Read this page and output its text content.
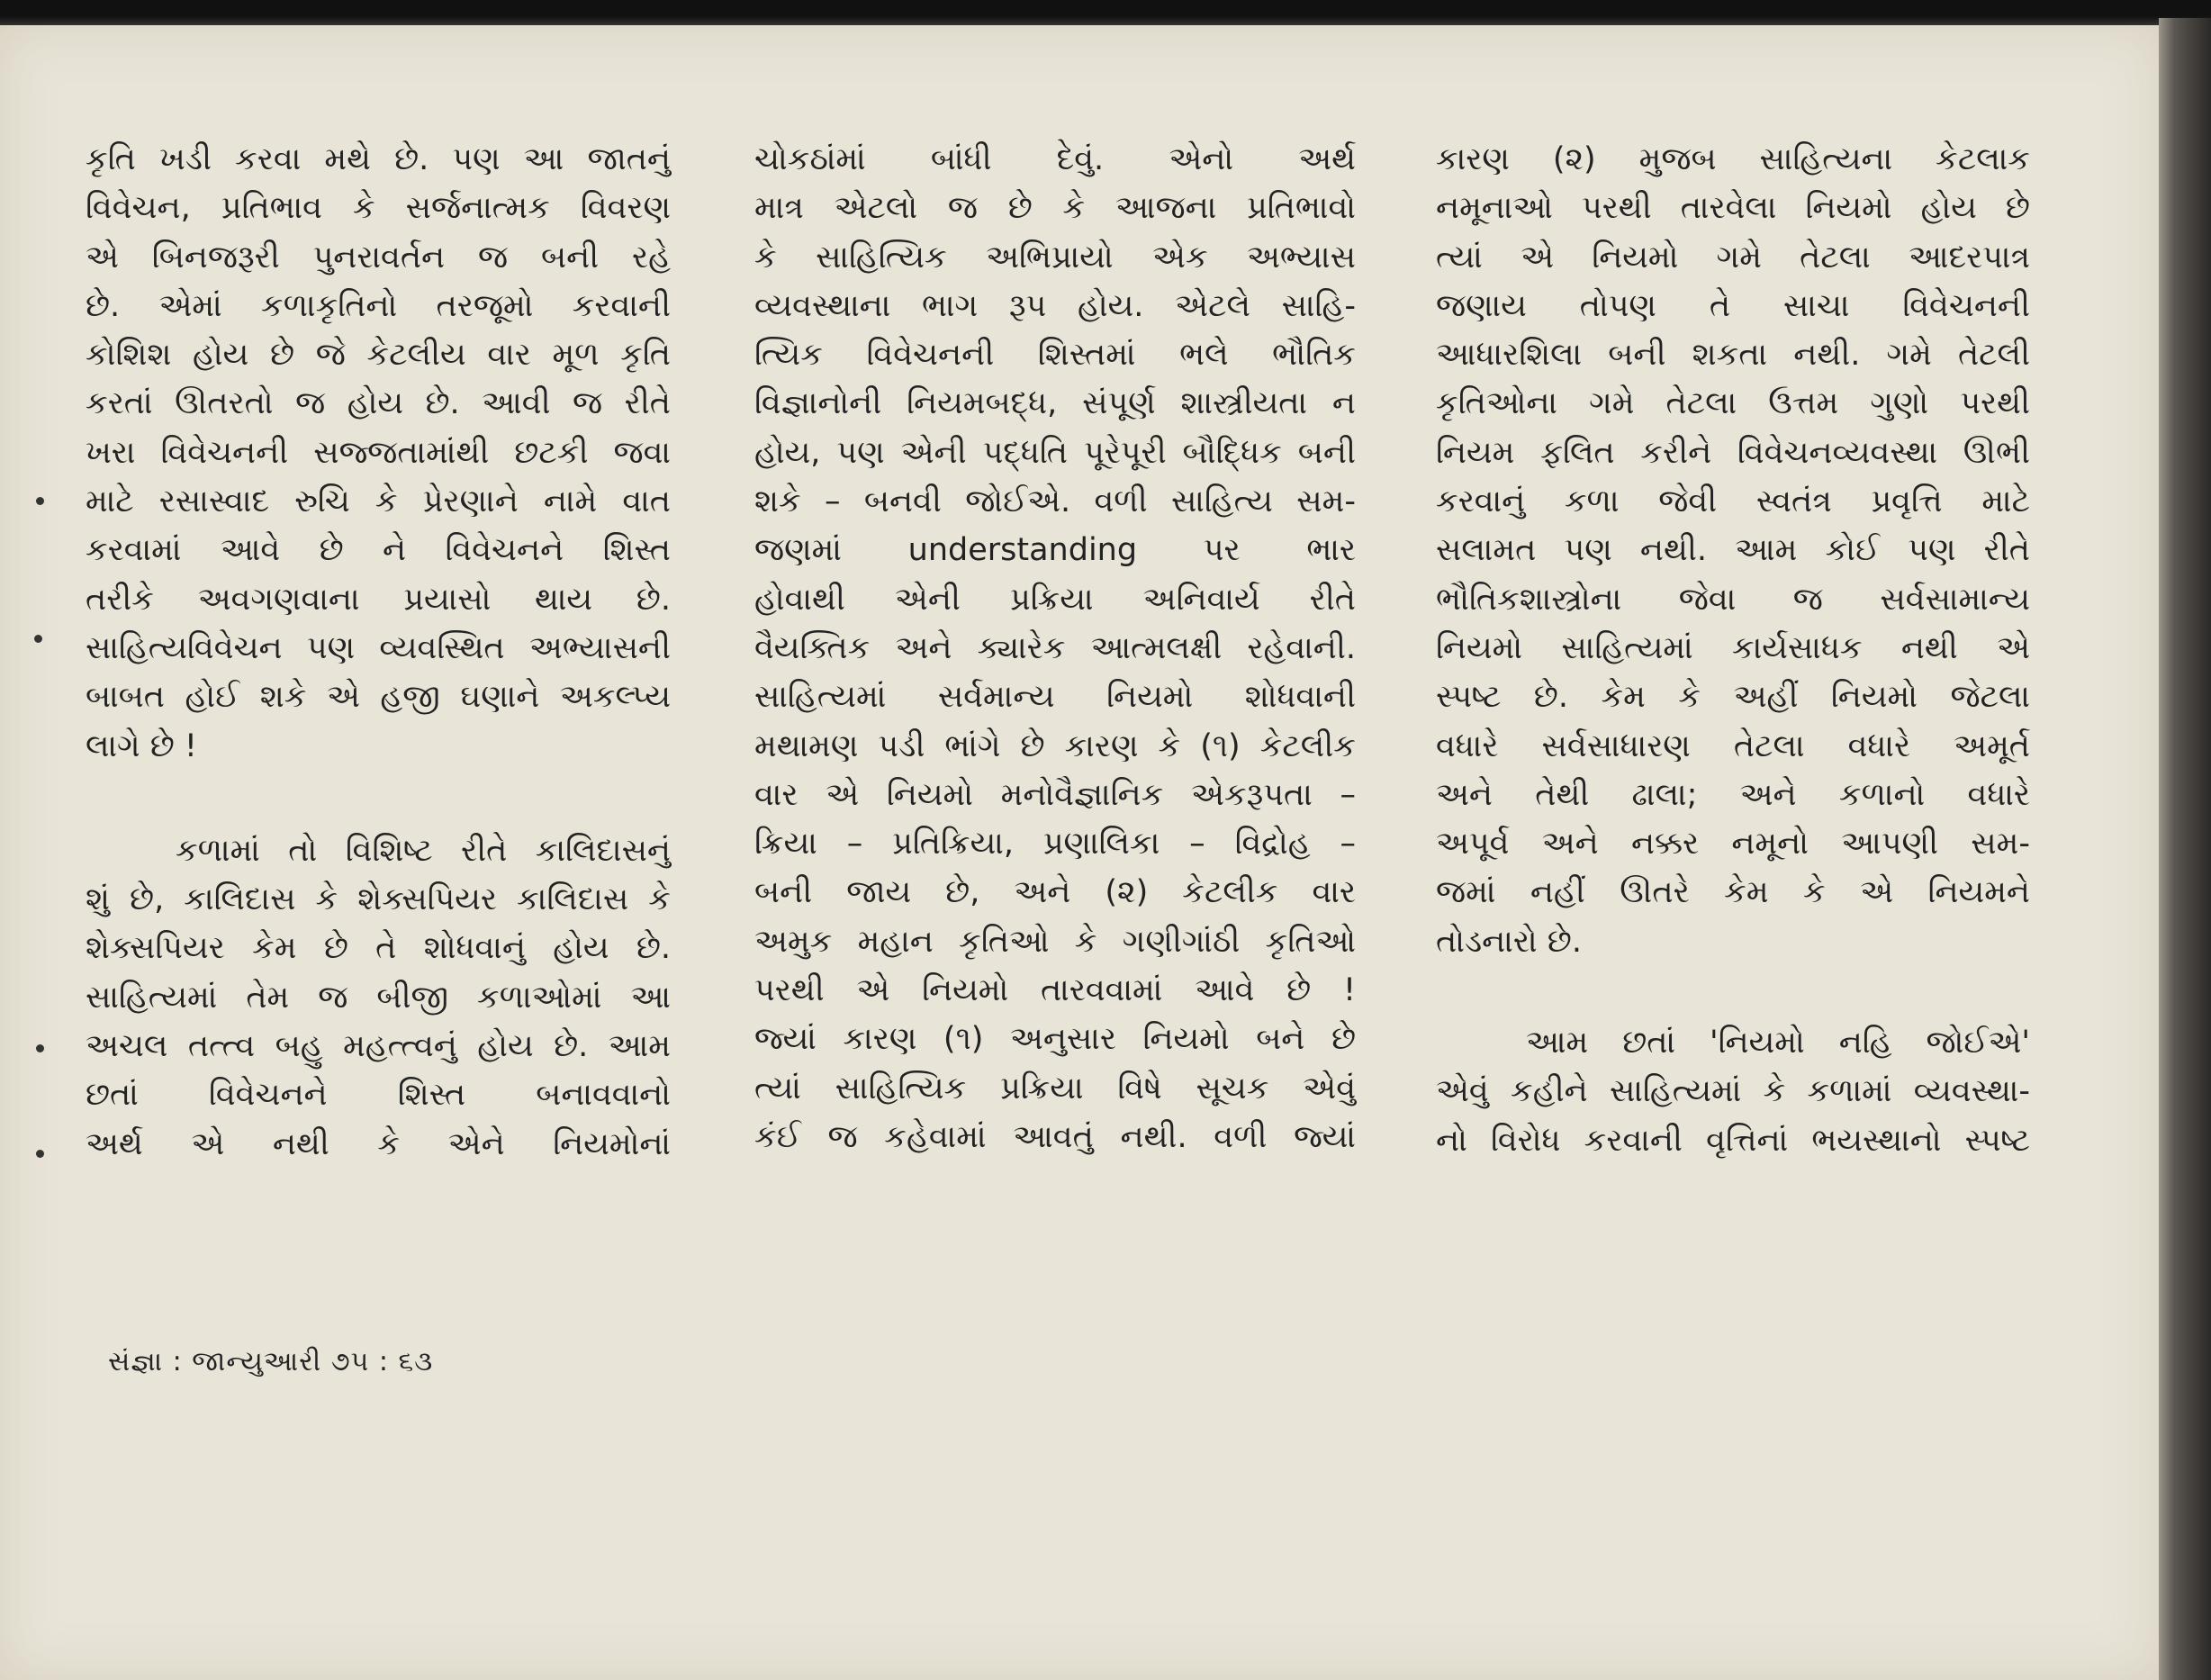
કૃતિ ખડી કરવા મથે છે. પણ આ જાતનું
વિવેચન, પ્રતિભાવ કે સર્જનાત્મક વિવરણ
એ બિનજરૂરી પુનરાવર્તન જ બની રહે
છે. એમાં કળાકૃતિનો તરજૂમો કરવાની
કોશિશ હોય છે જે કેટલીય વાર મૂળ કૃતિ
કરતાં ઊતરતો જ હોય છે. આવી જ રીતે
ખરા વિવેચનની સજ્જતામાંથી છટકી જવા
માટે રસાસ્વાદ રુચિ કે પ્રેરણાને નામે વાત
કરવામાં આવે છે ને વિવેચનને શિસ્ત
તરીકે અવગણવાના પ્રયાસો થાય છે.
સાહિત્યવિવેચન પણ વ્યવસ્થિત અભ્યાસની
બાબત હોઈ શકે એ હજી ઘણાને અકલ્પ્ય
લાગે છે !

કળામાં તો વિશિષ્ટ રીતે કાલિદાસનું
શું છે, કાલિદાસ કે શેક્સપિયર કાલિદાસ કે
શેક્સપિયર કેમ છે તે શોધવાનું હોય છે.
સાહિત્યમાં તેમ જ બીજી કળાઓમાં આ
અચલ તત્ત્વ બહુ મહત્ત્વનું હોય છે. આમ
છતાં વિવેચનને શિસ્ત બનાવવાનો
અર્થ એ નથી કે એને નિયમોનાં

ચોકઠાંમાં બાંધી દેવું. એનો અર્થ
માત્ર એટલો જ છે કે આજના પ્રતિભાવો
કે સાહિત્યિક અભિપ્રાયો એક અભ્યાસ
વ્યવસ્થાના ભાગ રૂપ હોય. એટલે સાહિ-
ત્યિક વિવેચનની શિસ્તમાં ભલે ભૌતિક
વિજ્ઞાનોની નિયમબદ્ધ, સંપૂર્ણ શાસ્ત્રીયતા ન
હોય, પણ એની પદ્ધતિ પૂરેપૂરી બૌદ્ધિક બની
શકે – બનવી જોઈએ. વળી સાહિત્ય સમ-
જણમાં understanding પર ભાર
હોવાથી એની પ્રક્રિયા અનિવાર્ય રીતે
વૈયક્તિક અને ક્યારેક આત્મલક્ષી રહેવાની.
સાહિત્યમાં સર્વમાન્ય નિયમો શોધવાની
મથામણ પડી ભાંગે છે કારણ કે (૧) કેટલીક
વાર એ નિયમો મનોવૈજ્ઞાનિક એકરૂપતા –
ક્રિયા – પ્રતિક્રિયા, પ્રણાલિકા – વિદ્રોહ –
બની જાય છે, અને (૨) કેટલીક વાર
અમુક મહાન કૃતિઓ કે ગણીગાંઠી કૃતિઓ
પરથી એ નિયમો તારવવામાં આવે છે !
જ્યાં કારણ (૧) અનુસાર નિયમો બને છે
ત્યાં સાહિત્યિક પ્રક્રિયા વિષે સૂચક એવું
કંઈ જ કહેવામાં આવતું નથી. વળી જ્યાં

કારણ (૨) મુજબ સાહિત્યના કેટલાક
નમૂનાઓ પરથી તારવેલા નિયમો હોય છે
ત્યાં એ નિયમો ગમે તેટલા આદરપાત્ર
જણાય તોપણ તે સાચા વિવેચનની
આધારશિલા બની શકતા નથી. ગમે તેટલી
કૃતિઓના ગમે તેટલા ઉત્તમ ગુણો પરથી
નિયમ ફલિત કરીને વિવેચનવ્યવસ્થા ઊભી
કરવાનું કળા જેવી સ્વતંત્ર પ્રવૃત્તિ માટે
સલામત પણ નથી. આમ કોઈ પણ રીતે
ભૌતિકશાસ્ત્રોના જેવા જ સર્વસામાન્ય
નિયમો સાહિત્યમાં કાર્યસાધક નથી એ
સ્પષ્ટ છે. કેમ કે અહીં નિયમો જેટલા
વધારે સર્વસાધારણ તેટલા વધારે અમૂર્ત
અને તેથી ઢાલા; અને કળાનો વધારે
અપૂર્વ અને નક્કર નમૂનો આપણી સમ-
જમાં નહીં ઊતરે કેમ કે એ નિયમને
તોડનારો છે.

આમ છતાં 'નિયમો નહિ જોઈએ'
એવું કહીને સાહિત્યમાં કે કળામાં વ્યવસ્થા-
નો વિરોધ કરવાની વૃત્તિનાં ભયસ્થાનો સ્પષ્ટ

સંજ્ઞા : જાન્યુઆરી ૭૫ : ૬૩
